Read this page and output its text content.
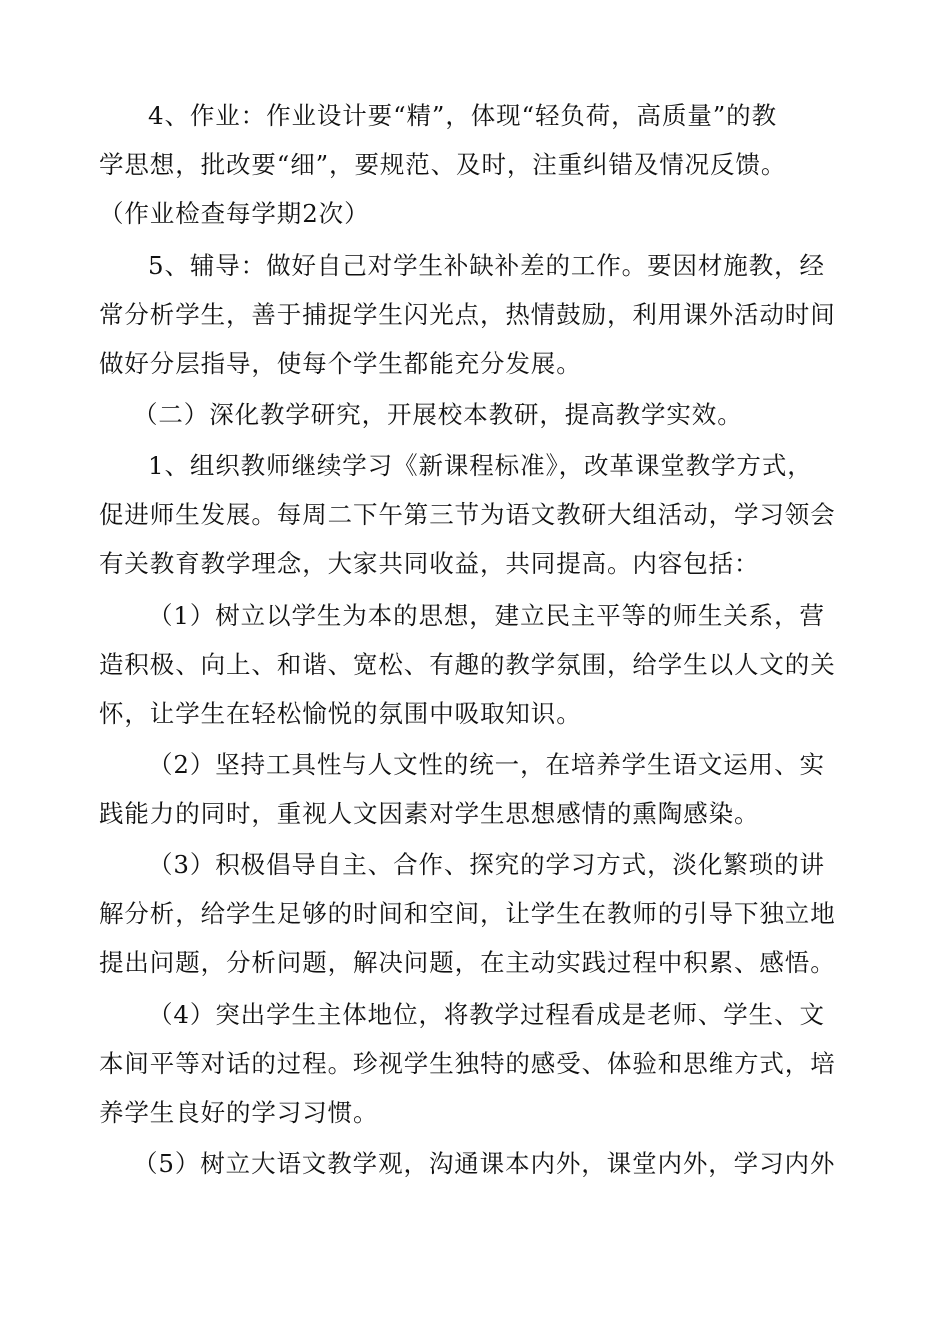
4、作业：作业设计要“精”，体现“轻负荷，高质量”的教
学思想，批改要“细”，要规范、及时，注重纠错及情况反馈。
（作业检查每学期2次）
5、辅导：做好自己对学生补缺补差的工作。要因材施教，经
常分析学生，善于捕捉学生闪光点，热情鼓励，利用课外活动时间
做好分层指导，使每个学生都能充分发展。
（二）深化教学研究，开展校本教研，提高教学实效。
1、组织教师继续学习《新课程标准》，改革课堂教学方式，
促进师生发展。每周二下午第三节为语文教研大组活动，学习领会
有关教育教学理念，大家共同收益，共同提高。内容包括：
（1）树立以学生为本的思想，建立民主平等的师生关系，营
造积极、向上、和谐、宽松、有趣的教学氛围，给学生以人文的关
怀，让学生在轻松愉悦的氛围中吸取知识。
（2）坚持工具性与人文性的统一，在培养学生语文运用、实
践能力的同时，重视人文因素对学生思想感情的熏陶感染。
（3）积极倡导自主、合作、探究的学习方式，淡化繁琐的讲
解分析，给学生足够的时间和空间，让学生在教师的引导下独立地
提出问题，分析问题，解决问题，在主动实践过程中积累、感悟。
（4）突出学生主体地位，将教学过程看成是老师、学生、文
本间平等对话的过程。珍视学生独特的感受、体验和思维方式，培
养学生良好的学习习惯。
（5）树立大语文教学观，沟通课本内外，课堂内外，学习内外
